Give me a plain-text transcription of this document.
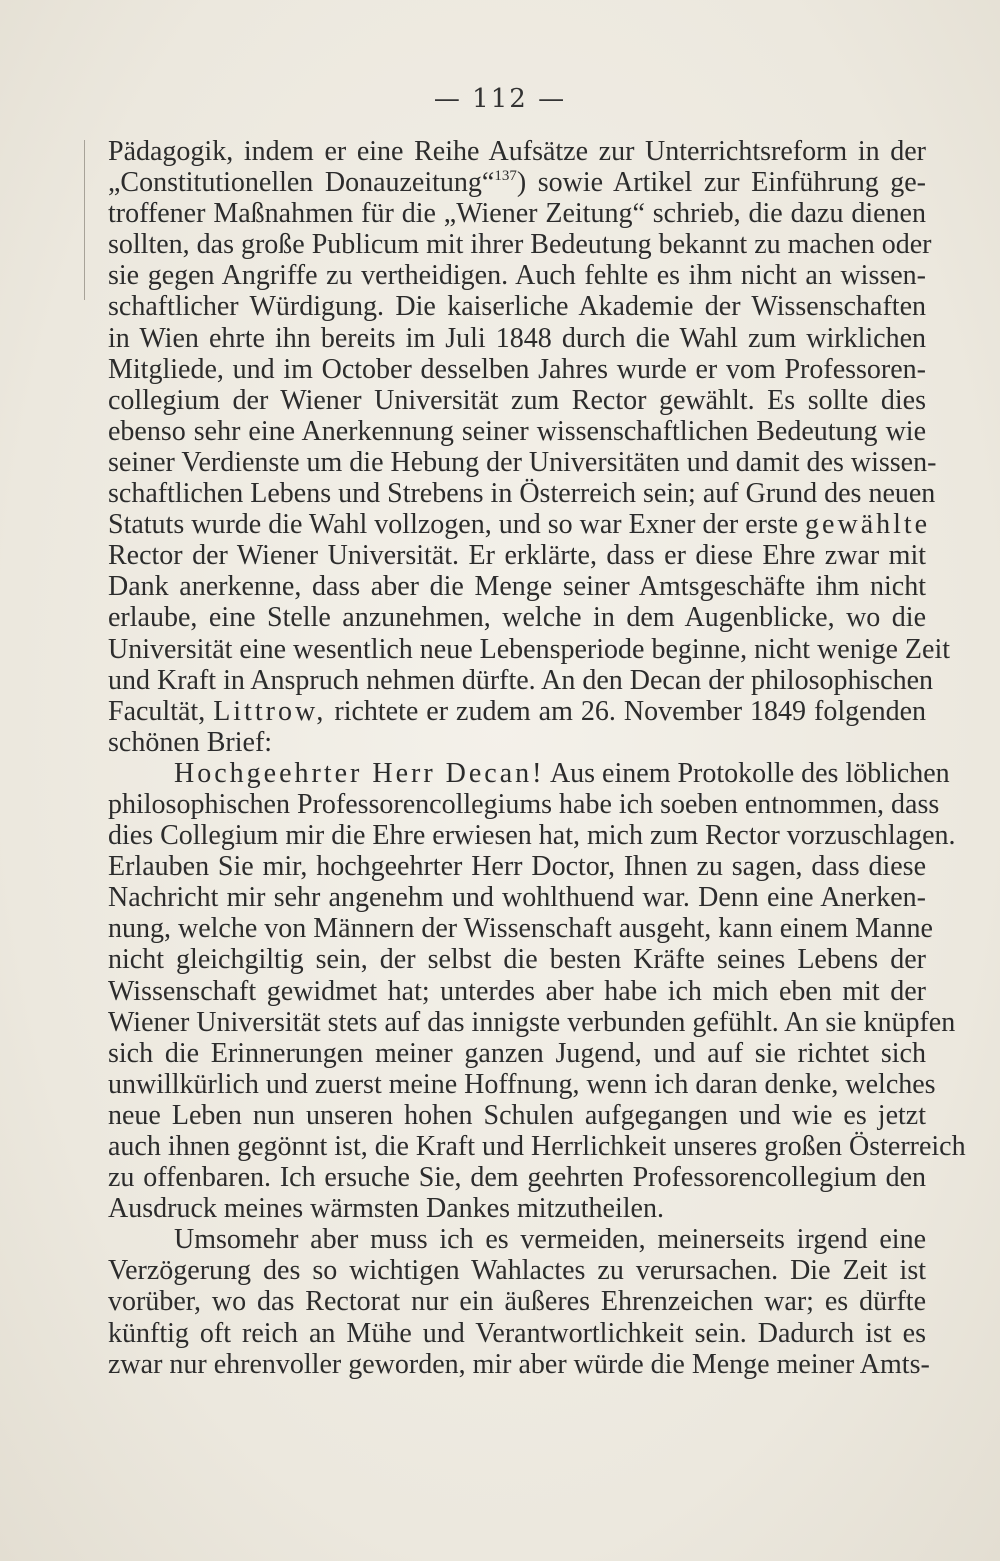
— 112 —
Pädagogik, indem er eine Reihe Aufsätze zur Unterrichtsreform in der
„Constitutionellen Donauzeitung“$^{137}$) sowie Artikel zur Einführung ge-
troffener Maßnahmen für die „Wiener Zeitung“ schrieb, die dazu dienen
sollten, das große Publicum mit ihrer Bedeutung bekannt zu machen oder
sie gegen Angriffe zu vertheidigen. Auch fehlte es ihm nicht an wissen-
schaftlicher Würdigung. Die kaiserliche Akademie der Wissenschaften
in Wien ehrte ihn bereits im Juli 1848 durch die Wahl zum wirklichen
Mitgliede, und im October desselben Jahres wurde er vom Professoren-
collegium der Wiener Universität zum Rector gewählt. Es sollte dies
ebenso sehr eine Anerkennung seiner wissenschaftlichen Bedeutung wie
seiner Verdienste um die Hebung der Universitäten und damit des wissen-
schaftlichen Lebens und Strebens in Österreich sein; auf Grund des neuen
Statuts wurde die Wahl vollzogen, und so war Exner der erste gewählte
Rector der Wiener Universität. Er erklärte, dass er diese Ehre zwar mit
Dank anerkenne, dass aber die Menge seiner Amtsgeschäfte ihm nicht
erlaube, eine Stelle anzunehmen, welche in dem Augenblicke, wo die
Universität eine wesentlich neue Lebensperiode beginne, nicht wenige Zeit
und Kraft in Anspruch nehmen dürfte. An den Decan der philosophischen
Facultät, Littrow, richtete er zudem am 26. November 1849 folgenden
schönen Brief:
Hochgeehrter Herr Decan! Aus einem Protokolle des löblichen
philosophischen Professorencollegiums habe ich soeben entnommen, dass
dies Collegium mir die Ehre erwiesen hat, mich zum Rector vorzuschlagen.
Erlauben Sie mir, hochgeehrter Herr Doctor, Ihnen zu sagen, dass diese
Nachricht mir sehr angenehm und wohlthuend war. Denn eine Anerken-
nung, welche von Männern der Wissenschaft ausgeht, kann einem Manne
nicht gleichgiltig sein, der selbst die besten Kräfte seines Lebens der
Wissenschaft gewidmet hat; unterdes aber habe ich mich eben mit der
Wiener Universität stets auf das innigste verbunden gefühlt. An sie knüpfen
sich die Erinnerungen meiner ganzen Jugend, und auf sie richtet sich
unwillkürlich und zuerst meine Hoffnung, wenn ich daran denke, welches
neue Leben nun unseren hohen Schulen aufgegangen und wie es jetzt
auch ihnen gegönnt ist, die Kraft und Herrlichkeit unseres großen Österreich
zu offenbaren. Ich ersuche Sie, dem geehrten Professorencollegium den
Ausdruck meines wärmsten Dankes mitzutheilen.
Umsomehr aber muss ich es vermeiden, meinerseits irgend eine
Verzögerung des so wichtigen Wahlactes zu verursachen. Die Zeit ist
vorüber, wo das Rectorat nur ein äußeres Ehrenzeichen war; es dürfte
künftig oft reich an Mühe und Verantwortlichkeit sein. Dadurch ist es
zwar nur ehrenvoller geworden, mir aber würde die Menge meiner Amts-
